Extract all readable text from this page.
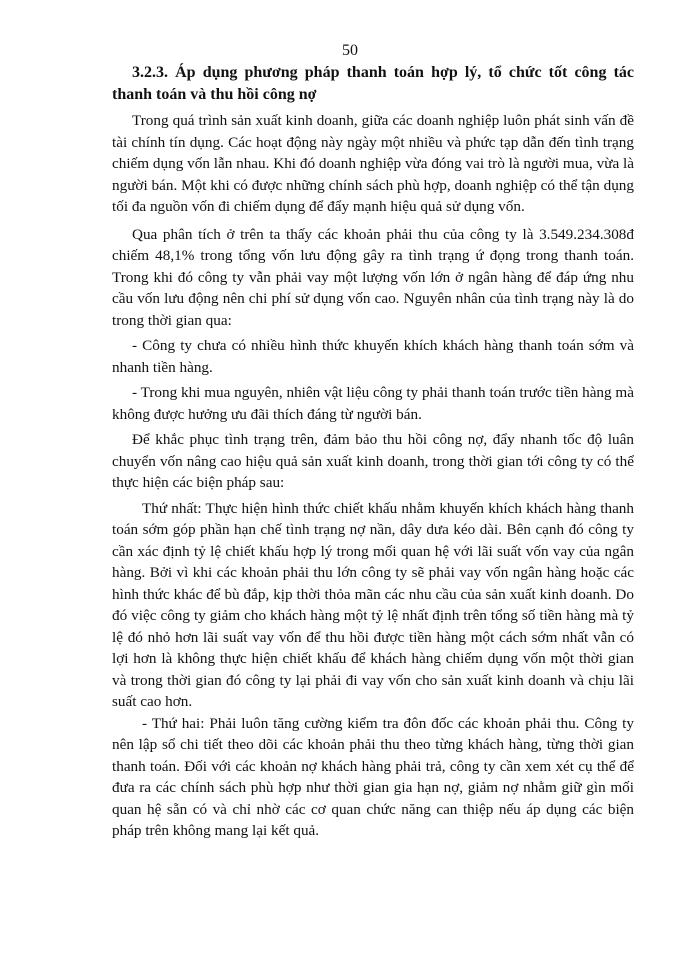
50

3.2.3. Áp dụng phương pháp thanh toán hợp lý, tổ chức tốt công tác thanh toán và thu hồi công nợ

Trong quá trình sản xuất kinh doanh, giữa các doanh nghiệp luôn phát sinh vấn đề tài chính tín dụng. Các hoạt động này ngày một nhiều và phức tạp dẫn đến tình trạng chiếm dụng vốn lẫn nhau. Khi đó doanh nghiệp vừa đóng vai trò là người mua, vừa là người bán. Một khi có được những chính sách phù hợp, doanh nghiệp có thể tận dụng tối đa nguồn vốn đi chiếm dụng để đẩy mạnh hiệu quả sử dụng vốn.

Qua phân tích ở trên ta thấy các khoản phải thu của công ty là 3.549.234.308đ chiếm 48,1% trong tổng vốn lưu động gây ra tình trạng ứ đọng trong thanh toán. Trong khi đó công ty vẫn phải vay một lượng vốn lớn ở ngân hàng để đáp ứng nhu cầu vốn lưu động nên chi phí sử dụng vốn cao. Nguyên nhân của tình trạng này là do trong thời gian qua:

- Công ty chưa có nhiều hình thức khuyến khích khách hàng thanh toán sớm và nhanh tiền hàng.

- Trong khi mua nguyên, nhiên vật liệu công ty phải thanh toán trước tiền hàng mà không được hưởng ưu đãi thích đáng từ người bán.

Để khắc phục tình trạng trên, đảm bảo thu hồi công nợ, đẩy nhanh tốc độ luân chuyển vốn nâng cao hiệu quả sản xuất kinh doanh, trong thời gian tới công ty có thể thực hiện các biện pháp sau:

Thứ nhất: Thực hiện hình thức chiết khấu nhằm khuyến khích khách hàng thanh toán sớm góp phần hạn chế tình trạng nợ nần, dây dưa kéo dài. Bên cạnh đó công ty cần xác định tỷ lệ chiết khấu hợp lý trong mối quan hệ với lãi suất vốn vay của ngân hàng. Bởi vì khi các khoản phải thu lớn công ty sẽ phải vay vốn ngân hàng hoặc các hình thức khác để bù đắp, kịp thời thỏa mãn các nhu cầu của sản xuất kinh doanh. Do đó việc công ty giảm cho khách hàng một tỷ lệ nhất định trên tổng số tiền hàng mà tỷ lệ đó nhỏ hơn lãi suất vay vốn để thu hồi được tiền hàng một cách sớm nhất vẫn có lợi hơn là không thực hiện chiết khấu để khách hàng chiếm dụng vốn một thời gian và trong thời gian đó công ty lại phải đi vay vốn cho sản xuất kinh doanh và chịu lãi suất cao hơn.

- Thứ hai: Phải luôn tăng cường kiểm tra đôn đốc các khoản phải thu. Công ty nên lập sổ chi tiết theo dõi các khoản phải thu theo từng khách hàng, từng thời gian thanh toán. Đối với các khoản nợ khách hàng phải trả, công ty cần xem xét cụ thể để đưa ra các chính sách phù hợp như thời gian gia hạn nợ, giảm nợ nhằm giữ gìn mối quan hệ sẵn có và chỉ nhờ các cơ quan chức năng can thiệp nếu áp dụng các biện pháp trên không mang lại kết quả.
